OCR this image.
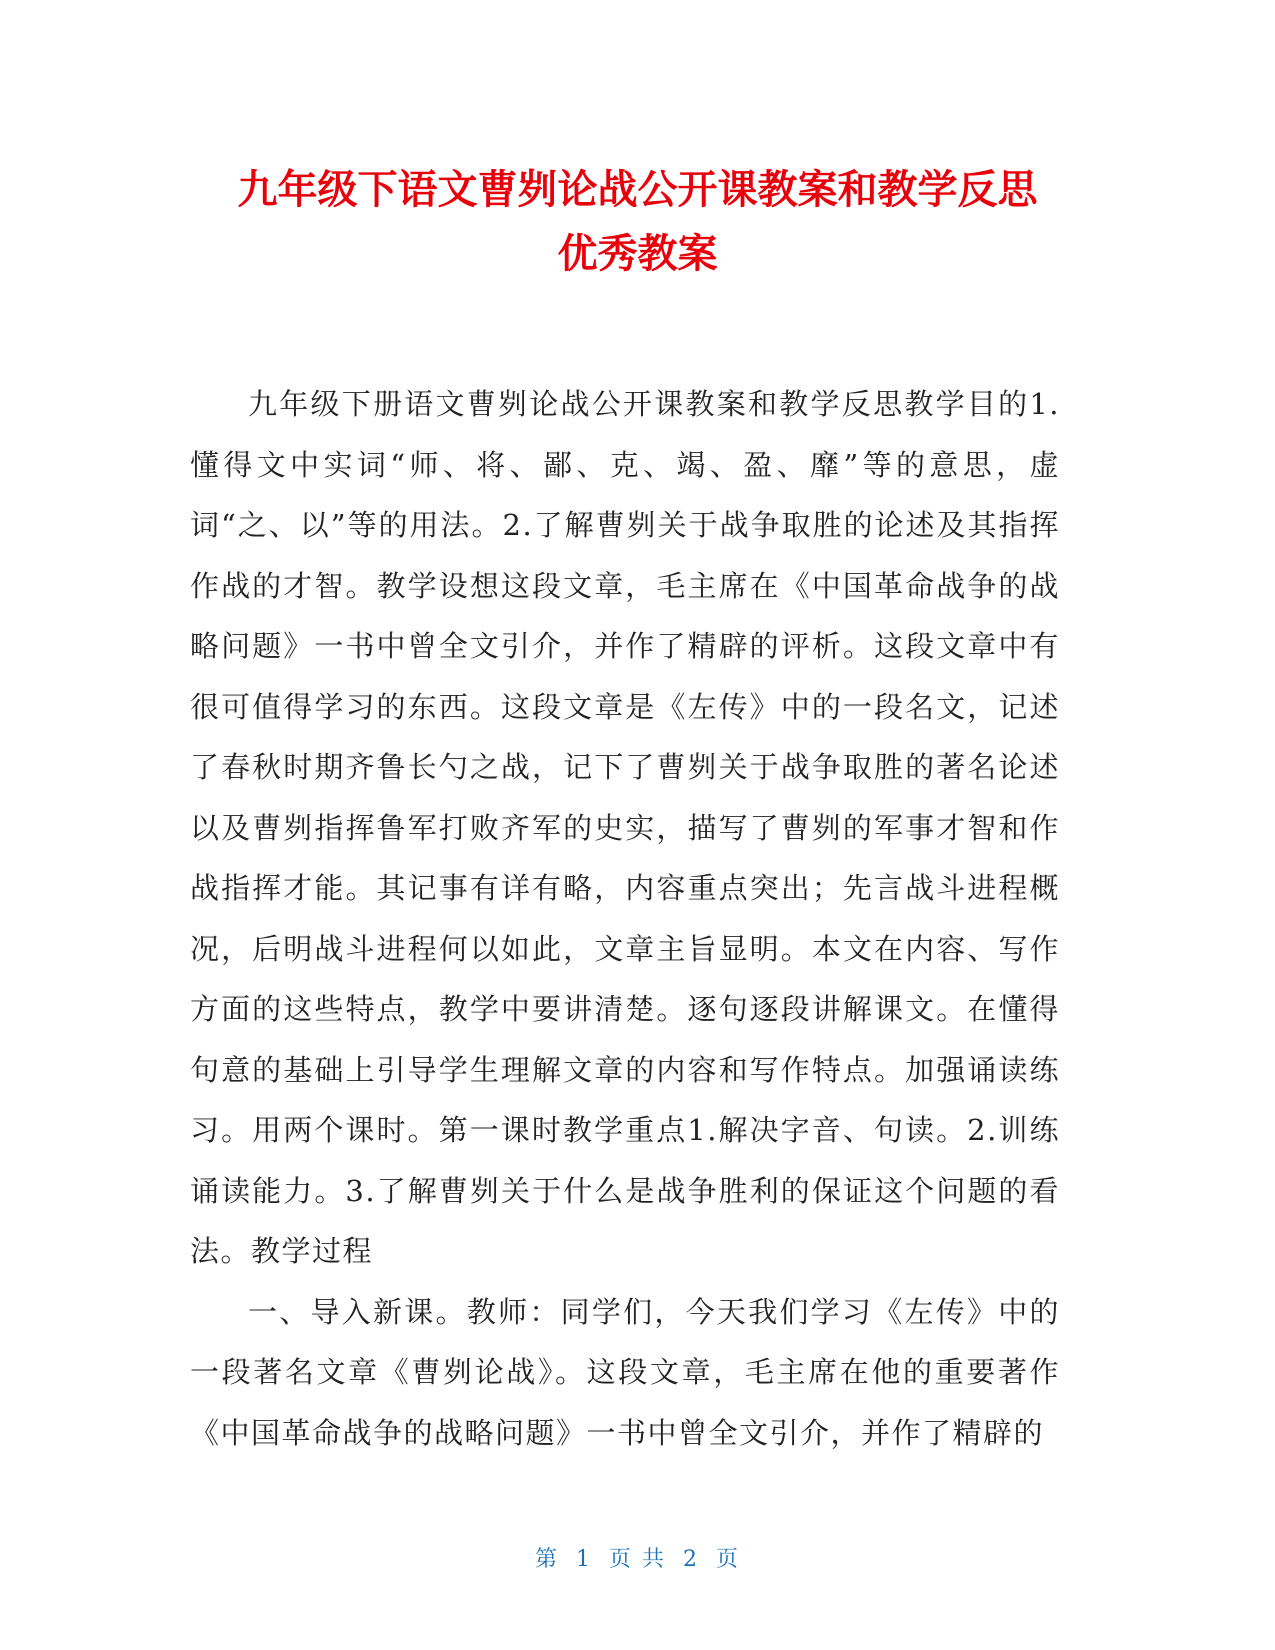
九年级下语文曹刿论战公开课教案和教学反思
优秀教案

九年级下册语文曹刿论战公开课教案和教学反思教学目的1.懂得文中实词“师、将、鄙、克、竭、盈、靡”等的意思，虚词“之、以”等的用法。2.了解曹刿关于战争取胜的论述及其指挥作战的才智。教学设想这段文章，毛主席在《中国革命战争的战略问题》一书中曾全文引介，并作了精辟的评析。这段文章中有很可值得学习的东西。这段文章是《左传》中的一段名文，记述了春秋时期齐鲁长勺之战，记下了曹刿关于战争取胜的著名论述以及曹刿指挥鲁军打败齐军的史实，描写了曹刿的军事才智和作战指挥才能。其记事有详有略，内容重点突出；先言战斗进程概况，后明战斗进程何以如此，文章主旨显明。本文在内容、写作方面的这些特点，教学中要讲清楚。逐句逐段讲解课文。在懂得句意的基础上引导学生理解文章的内容和写作特点。加强诵读练习。用两个课时。第一课时教学重点1.解决字音、句读。2.训练诵读能力。3.了解曹刿关于什么是战争胜利的保证这个问题的看法。教学过程

一、导入新课。教师：同学们，今天我们学习《左传》中的一段著名文章《曹刿论战》。这段文章，毛主席在他的重要著作《中国革命战争的战略问题》一书中曾全文引介，并作了精辟的

第 1 页 共 2 页
